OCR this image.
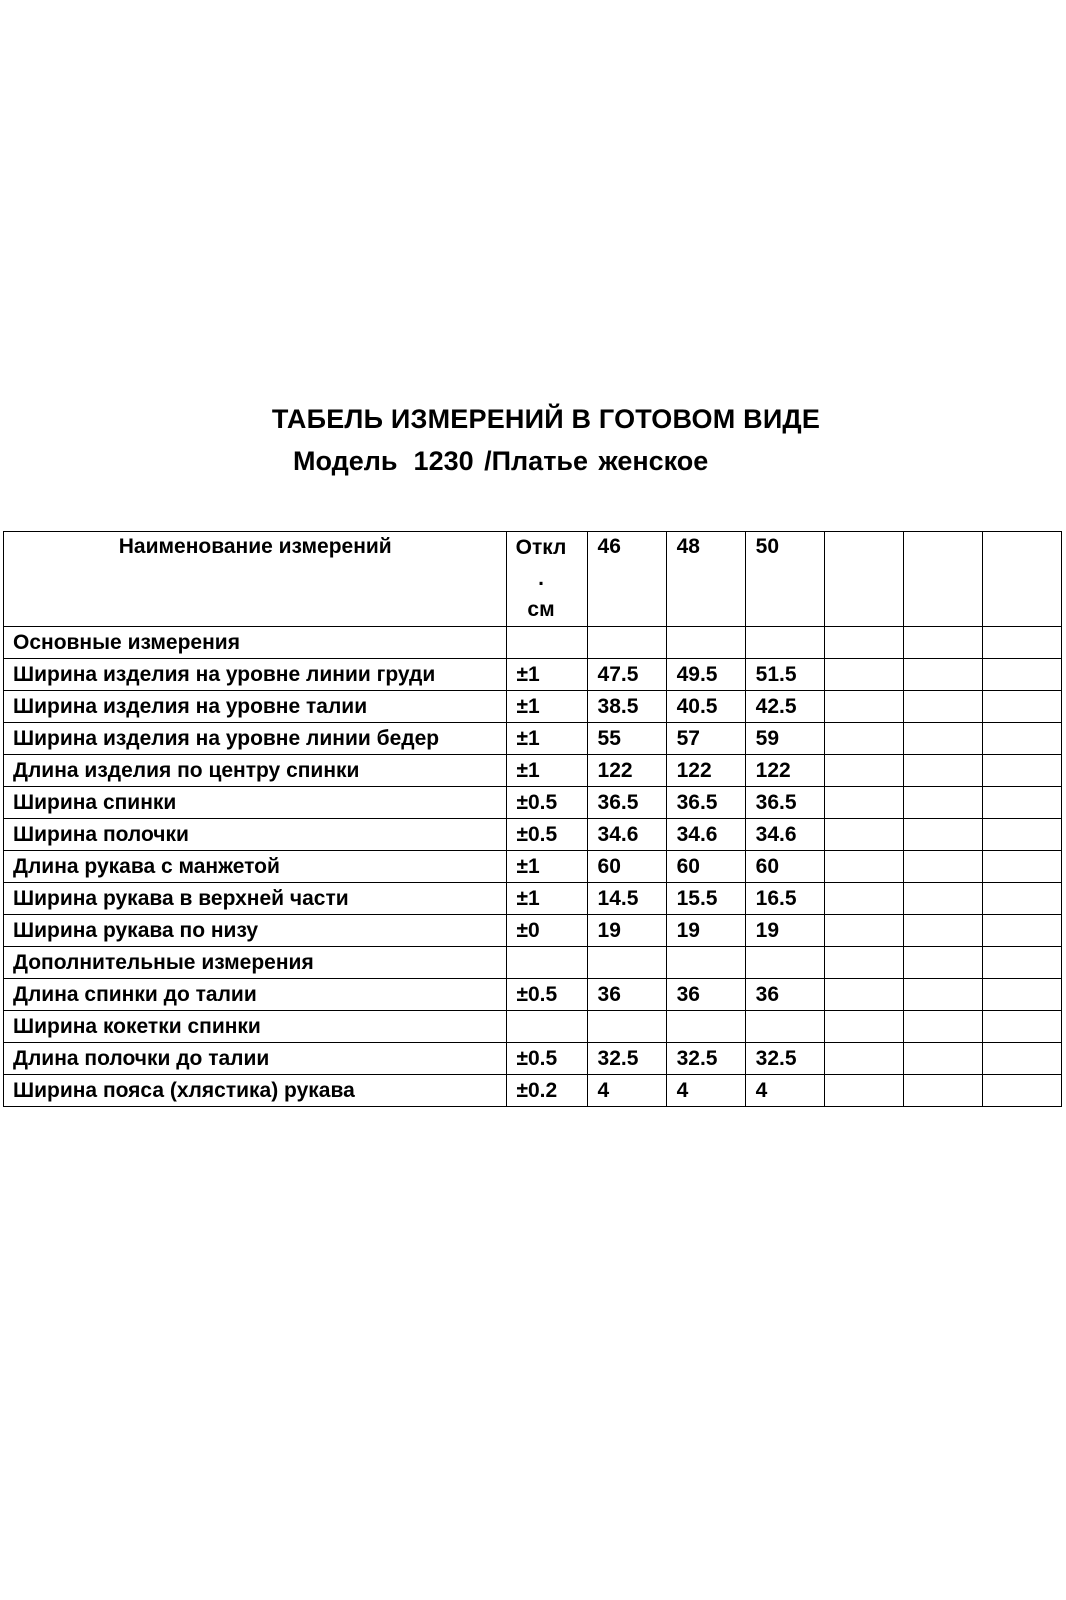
ТАБЕЛЬ ИЗМЕРЕНИЙ В ГОТОВОМ ВИДЕ
Модель 1230 /Платье женское
Наименование измерений	Откл
.
см	46	48	50			
Основные измерения							
Ширина изделия на уровне линии груди	±1	47.5	49.5	51.5			
Ширина изделия на уровне талии	±1	38.5	40.5	42.5			
Ширина изделия на уровне линии бедер	±1	55	57	59			
Длина изделия по центру спинки	±1	122	122	122			
Ширина спинки	±0.5	36.5	36.5	36.5			
Ширина полочки	±0.5	34.6	34.6	34.6			
Длина рукава с манжетой	±1	60	60	60			
Ширина рукава в верхней части	±1	14.5	15.5	16.5			
Ширина рукава по низу	±0	19	19	19			
Дополнительные измерения							
Длина спинки до талии	±0.5	36	36	36			
Ширина кокетки спинки							
Длина полочки до талии	±0.5	32.5	32.5	32.5			
Ширина пояса (хлястика) рукава	±0.2	4	4	4			
